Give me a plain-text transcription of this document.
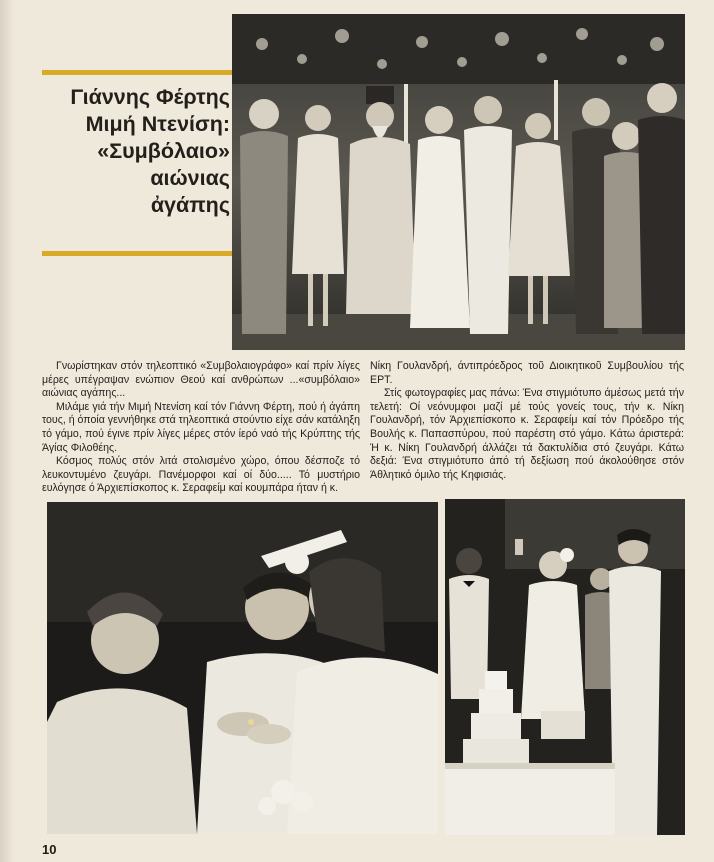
Γιάννης Φέρτης
Μιμή Ντενίση:
«Συμβόλαιο»
αιώνιας
ἀγάπης

Γνωρίστηκαν στόν τηλεοπτικό «Συμβολαιογράφο» καί πρίν λίγες μέρες υπέγραψαν ενώπιον Θεού καί ανθρώπων ...«συμβόλαιο» αιώνιας αγάπης...

Μιλάμε γιά τήν Μιμή Ντενίση καί τόν Γιάννη Φέρτη, πού ή άγάπη τους, ή όποία γεννήθηκε στά τηλεοπτικά στούντιο είχε σάν κατάληξη τό γάμο, πού έγινε πρίν λίγες μέρες στόν ίερό ναό τής Κρύπτης τής Άγίας Φιλοθέης.

Κόσμος πολύς στόν λιτά στολισμένο χώρο, όπου δέσποζε τό λευκοντυμένο ζευγάρι. Πανέμορφοι καί οί δύο..... Τό μυστήριο ευλόγησε ό Άρχιεπίσκοπος κ. Σεραφείμ καί κουμπάρα ήταν ή κ.

Νίκη Γουλανδρή, άντιπρόεδρος τοῦ Διοικητικοῦ Συμβουλίου τής ΕΡΤ.

Στίς φωτογραφίες μας πάνω: Ένα στιγμιότυπο άμέσως μετά τήν τελετή: Οί νεόνυμφοι μαζί μέ τούς γονείς τους, τήν κ. Νίκη Γουλανδρή, τόν Άρχιεπίσκοπο κ. Σεραφείμ καί τόν Πρόεδρο τής Βουλής κ. Παπασπύρου, πού παρέστη στό γάμο. Κάτω άριστερά: Ή κ. Νίκη Γουλανδρή άλλάζει τά δακτυλίδια στό ζευγάρι. Κάτω δεξιά: Ένα στιγμιότυπο άπό τή δεξίωση πού άκολούθησε στόν Άθλητικό όμιλο τής Κηφισιάς.

10
